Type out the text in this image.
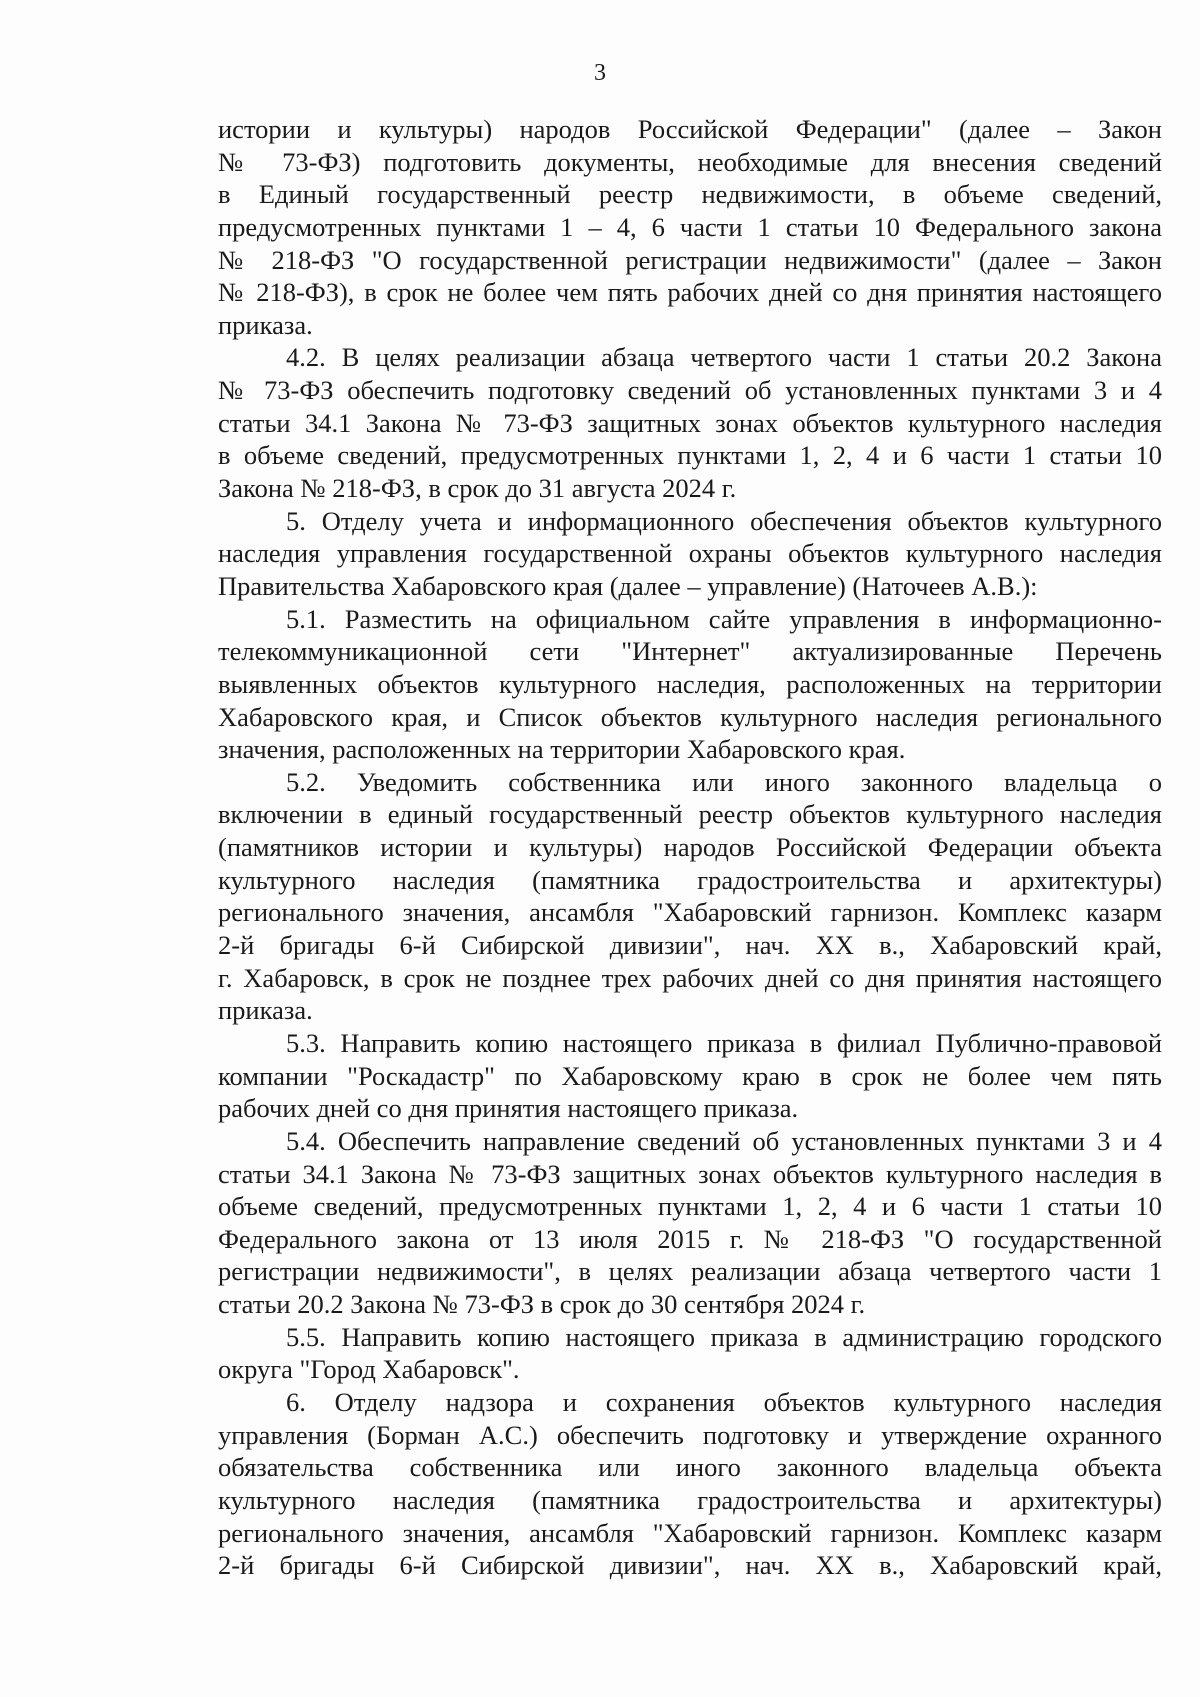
3
истории и культуры) народов Российской Федерации" (далее – Закон
№ 73-ФЗ) подготовить документы, необходимые для внесения сведений
в Единый государственный реестр недвижимости, в объеме сведений,
предусмотренных пунктами 1 – 4, 6 части 1 статьи 10 Федерального закона
№ 218-ФЗ "О государственной регистрации недвижимости" (далее – Закон
№ 218-ФЗ), в срок не более чем пять рабочих дней со дня принятия настоящего
приказа.
4.2. В целях реализации абзаца четвертого части 1 статьи 20.2 Закона
№ 73-ФЗ обеспечить подготовку сведений об установленных пунктами 3 и 4
статьи 34.1 Закона № 73-ФЗ защитных зонах объектов культурного наследия
в объеме сведений, предусмотренных пунктами 1, 2, 4 и 6 части 1 статьи 10
Закона № 218-ФЗ, в срок до 31 августа 2024 г.
5. Отделу учета и информационного обеспечения объектов культурного
наследия управления государственной охраны объектов культурного наследия
Правительства Хабаровского края (далее – управление) (Наточеев А.В.):
5.1. Разместить на официальном сайте управления в информационно-
телекоммуникационной сети "Интернет" актуализированные Перечень
выявленных объектов культурного наследия, расположенных на территории
Хабаровского края, и Список объектов культурного наследия регионального
значения, расположенных на территории Хабаровского края.
5.2. Уведомить собственника или иного законного владельца о
включении в единый государственный реестр объектов культурного наследия
(памятников истории и культуры) народов Российской Федерации объекта
культурного наследия (памятника градостроительства и архитектуры)
регионального значения, ансамбля "Хабаровский гарнизон. Комплекс казарм
2-й бригады 6-й Сибирской дивизии", нач. XX в., Хабаровский край,
г. Хабаровск, в срок не позднее трех рабочих дней со дня принятия настоящего
приказа.
5.3. Направить копию настоящего приказа в филиал Публично-правовой
компании "Роскадастр" по Хабаровскому краю в срок не более чем пять
рабочих дней со дня принятия настоящего приказа.
5.4. Обеспечить направление сведений об установленных пунктами 3 и 4
статьи 34.1 Закона № 73-ФЗ защитных зонах объектов культурного наследия в
объеме сведений, предусмотренных пунктами 1, 2, 4 и 6 части 1 статьи 10
Федерального закона от 13 июля 2015 г. № 218-ФЗ "О государственной
регистрации недвижимости", в целях реализации абзаца четвертого части 1
статьи 20.2 Закона № 73-ФЗ в срок до 30 сентября 2024 г.
5.5. Направить копию настоящего приказа в администрацию городского
округа "Город Хабаровск".
6. Отделу надзора и сохранения объектов культурного наследия
управления (Борман А.С.) обеспечить подготовку и утверждение охранного
обязательства собственника или иного законного владельца объекта
культурного наследия (памятника градостроительства и архитектуры)
регионального значения, ансамбля "Хабаровский гарнизон. Комплекс казарм
2-й бригады 6-й Сибирской дивизии", нач. XX в., Хабаровский край,
